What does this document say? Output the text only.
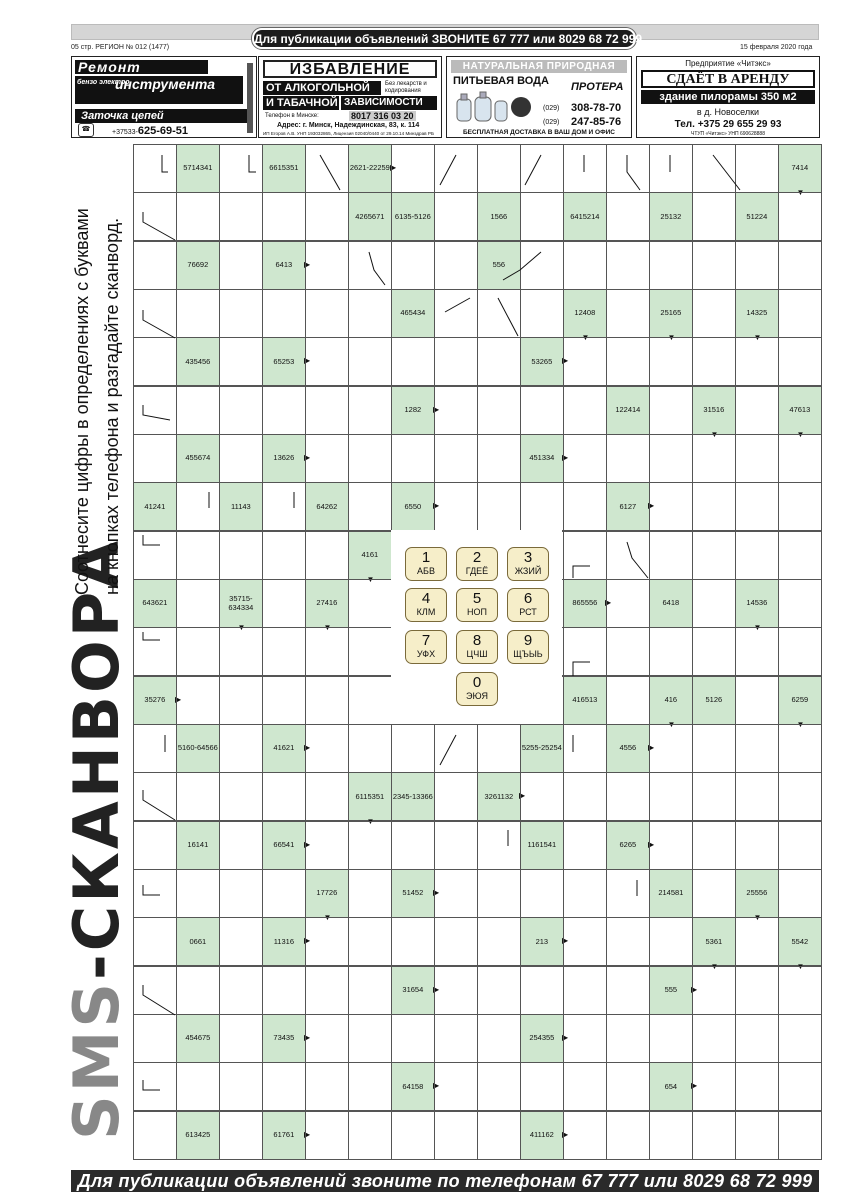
Для публикации объявлений ЗВОНИТЕ 67 777 или 8029 68 72 999
05 стр. РЕГИОН № 012 (1477)	15 февраля 2020 года
Ремонт
бензо электро
инструмента
Заточка цепей
☎	+37533-625-69-51
ИЗБАВЛЕНИЕ
ОТ АЛКОГОЛЬНОЙ	Без лекарств и кодирования
И ТАБАЧНОЙ ЗАВИСИМОСТИ
Телефон в Минске:	8017 316 03 20
Адрес: г. Минск, Надеждинская, 83, к. 114
ИП Егоров А.В. УНП 193032865, Лицензия 02040/0440 от 29.10.14 Минздрав РБ
НАТУРАЛЬНАЯ ПРИРОДНАЯ
ПИТЬЕВАЯ ВОДА ПРОТЕРА
(029) 308-78-70
(029) 247-85-76
БЕСПЛАТНАЯ ДОСТАВКА В ВАШ ДОМ И ОФИС
Предприятие «Читэкс»
СДАЁТ В АРЕНДУ
здание пилорамы 350 м2
в д. Новоселки
Тел. +375 29 655 29 93
ЧТУП «Читэкс» УНП 690628888
SMS-СКАНВОРА
Соотнесите цифры в определениях с буквами на кнопках телефона и разгадайте сканворд.
5714341	6615351	2621-22259 ▶	7414
▼
4265671 6135-5126	1566	6415214	25132	51224
76692	6413 ▶	556
465434	12408
▼
25165
▼
14325
▼
435456	65253 ▶	53265 ▶
1282 ▶	122414	31516
▼
47613
▼
455674	13626 ▶	451334 ▶
41241	11143	64262	6550 ▶	6127 ▶
4161
▼
643621	35715-634334
▼
27416
▼
865556 ▶	6418	14536
▼
35276 ▶	416513	416
▼
5126	6259
▼
5160-64566	41621 ▶	5255-25254	4556 ▶
6115351
▼
2345-13366	3261132 ▶
16141	66541 ▶	1161541	6265 ▶
17726
▼
51452 ▶	214581	25556
▼
0661	11316 ▶	213 ▶	5361
▼
5542
▼
31654 ▶	555 ▶
454675	73435 ▶	254355 ▶
64158 ▶	654 ▶
613425	61761 ▶	411162 ▶
1
АБВ
2
ГДЕЁ
3
ЖЗИЙ
4
КЛМ
5
НОП
6
РСТ
7
УФХ
8
ЦЧШ
9
ЩЪЫЬ
0
ЭЮЯ
Для публикации объявлений звоните по телефонам 67 777 или 8029 68 72 999
